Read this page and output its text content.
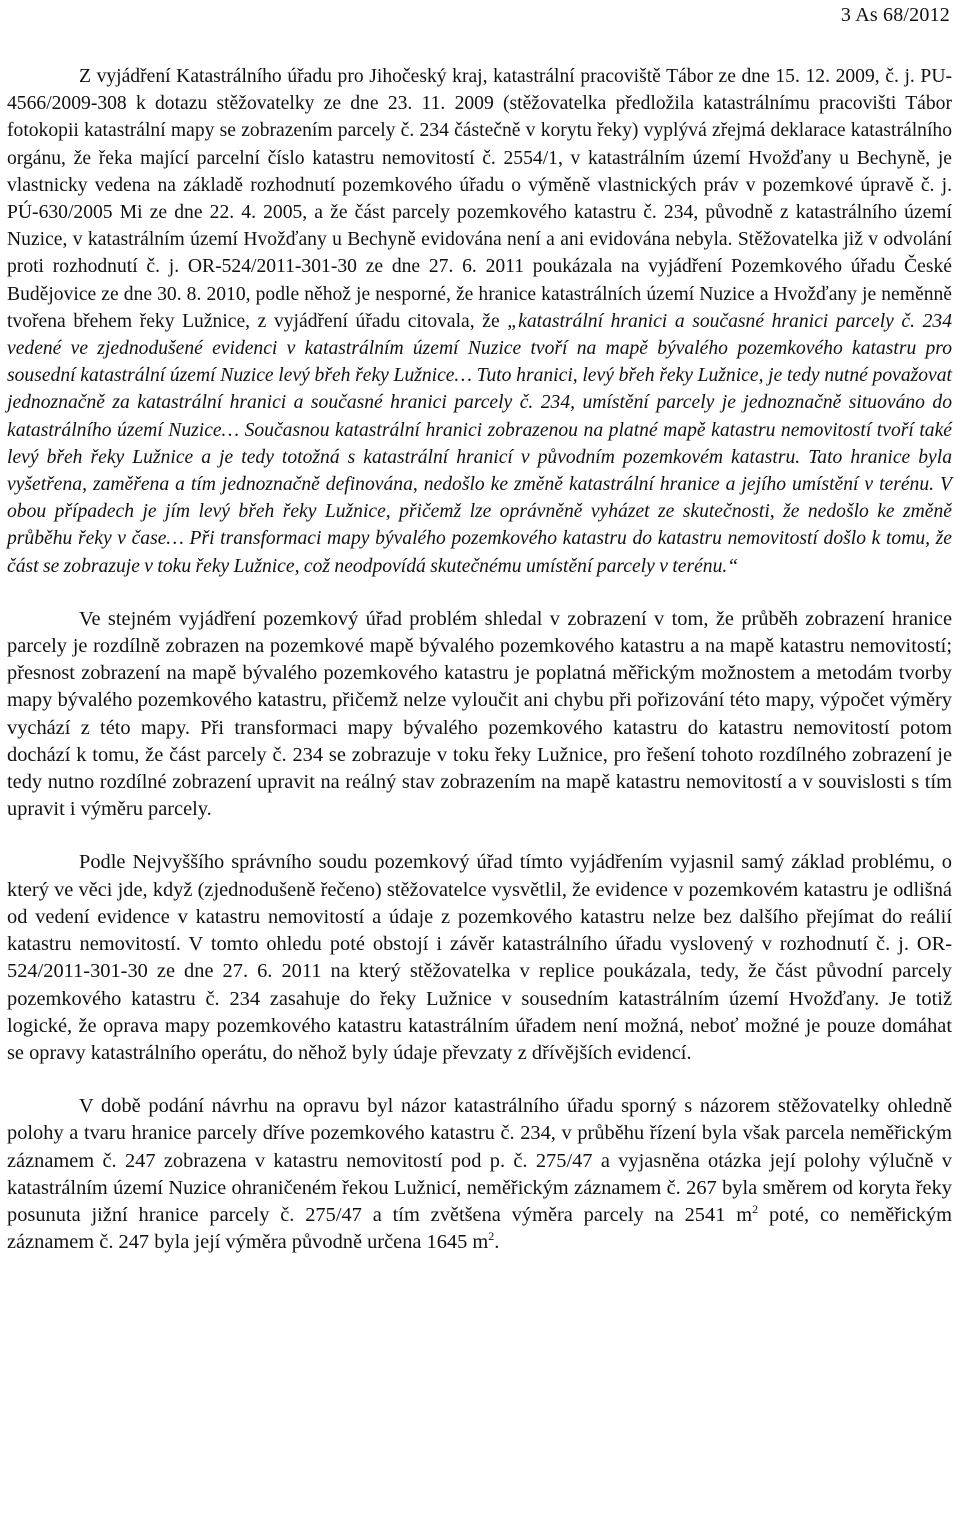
3 As 68/2012

Z vyjádření Katastrálního úřadu pro Jihočeský kraj, katastrální pracoviště Tábor ze dne 15. 12. 2009, č. j. PU-4566/2009-308 k dotazu stěžovatelky ze dne 23. 11. 2009 (stěžovatelka předložila katastrálnímu pracovišti Tábor fotokopii katastrální mapy se zobrazením parcely č. 234 částečně v korytu řeky) vyplývá zřejmá deklarace katastrálního orgánu, že řeka mající parcelní číslo katastru nemovitostí č. 2554/1, v katastrálním území Hvožďany u Bechyně, je vlastnicky vedena na základě rozhodnutí pozemkového úřadu o výměně vlastnických práv v pozemkové úpravě č. j. PÚ-630/2005 Mi ze dne 22. 4. 2005, a že část parcely pozemkového katastru č. 234, původně z katastrálního území Nuzice, v katastrálním území Hvožďany u Bechyně evidována není a ani evidována nebyla. Stěžovatelka již v odvolání proti rozhodnutí č. j. OR-524/2011-301-30 ze dne 27. 6. 2011 poukázala na vyjádření Pozemkového úřadu České Budějovice ze dne 30. 8. 2010, podle něhož je nesporné, že hranice katastrálních území Nuzice a Hvožďany je neměnně tvořena břehem řeky Lužnice, z vyjádření úřadu citovala, že „katastrální hranici a současné hranici parcely č. 234 vedené ve zjednodušené evidenci v katastrálním území Nuzice tvoří na mapě bývalého pozemkového katastru pro sousední katastrální území Nuzice levý břeh řeky Lužnice… Tuto hranici, levý břeh řeky Lužnice, je tedy nutné považovat jednoznačně za katastrální hranici a současné hranici parcely č. 234, umístění parcely je jednoznačně situováno do katastrálního území Nuzice… Současnou katastrální hranici zobrazenou na platné mapě katastru nemovitostí tvoří také levý břeh řeky Lužnice a je tedy totožná s katastrální hranicí v původním pozemkovém katastru. Tato hranice byla vyšetřena, zaměřena a tím jednoznačně definována, nedošlo ke změně katastrální hranice a jejího umístění v terénu. V obou případech je jím levý břeh řeky Lužnice, přičemž lze oprávněně vyházet ze skutečnosti, že nedošlo ke změně průběhu řeky v čase… Při transformaci mapy bývalého pozemkového katastru do katastru nemovitostí došlo k tomu, že část se zobrazuje v toku řeky Lužnice, což neodpovídá skutečnému umístění parcely v terénu.“

Ve stejném vyjádření pozemkový úřad problém shledal v zobrazení v tom, že průběh zobrazení hranice parcely je rozdílně zobrazen na pozemkové mapě bývalého pozemkového katastru a na mapě katastru nemovitostí; přesnost zobrazení na mapě bývalého pozemkového katastru je poplatná měřickým možnostem a metodám tvorby mapy bývalého pozemkového katastru, přičemž nelze vyloučit ani chybu při pořizování této mapy, výpočet výměry vychází z této mapy. Při transformaci mapy bývalého pozemkového katastru do katastru nemovitostí potom dochází k tomu, že část parcely č. 234 se zobrazuje v toku řeky Lužnice, pro řešení tohoto rozdílného zobrazení je tedy nutno rozdílné zobrazení upravit na reálný stav zobrazením na mapě katastru nemovitostí a v souvislosti s tím upravit i výměru parcely.

Podle Nejvyššího správního soudu pozemkový úřad tímto vyjádřením vyjasnil samý základ problému, o který ve věci jde, když (zjednodušeně řečeno) stěžovatelce vysvětlil, že evidence v pozemkovém katastru je odlišná od vedení evidence v katastru nemovitostí a údaje z pozemkového katastru nelze bez dalšího přejímat do reálií katastru nemovitostí. V tomto ohledu poté obstojí i závěr katastrálního úřadu vyslovený v rozhodnutí č. j. OR-524/2011-301-30 ze dne 27. 6. 2011 na který stěžovatelka v replice poukázala, tedy, že část původní parcely pozemkového katastru č. 234 zasahuje do řeky Lužnice v sousedním katastrálním území Hvožďany. Je totiž logické, že oprava mapy pozemkového katastru katastrálním úřadem není možná, neboť možné je pouze domáhat se opravy katastrálního operátu, do něhož byly údaje převzaty z dřívějších evidencí.

V době podání návrhu na opravu byl názor katastrálního úřadu sporný s názorem stěžovatelky ohledně polohy a tvaru hranice parcely dříve pozemkového katastru č. 234, v průběhu řízení byla však parcela neměřickým záznamem č. 247 zobrazena v katastru nemovitostí pod p. č. 275/47 a vyjasněna otázka její polohy výlučně v katastrálním území Nuzice ohraničeném řekou Lužnicí, neměřickým záznamem č. 267 byla směrem od koryta řeky posunuta jižní hranice parcely č. 275/47 a tím zvětšena výměra parcely na 2541 $m^2$ poté, co neměřickým záznamem č. 247 byla její výměra původně určena 1645 $m^2$.
